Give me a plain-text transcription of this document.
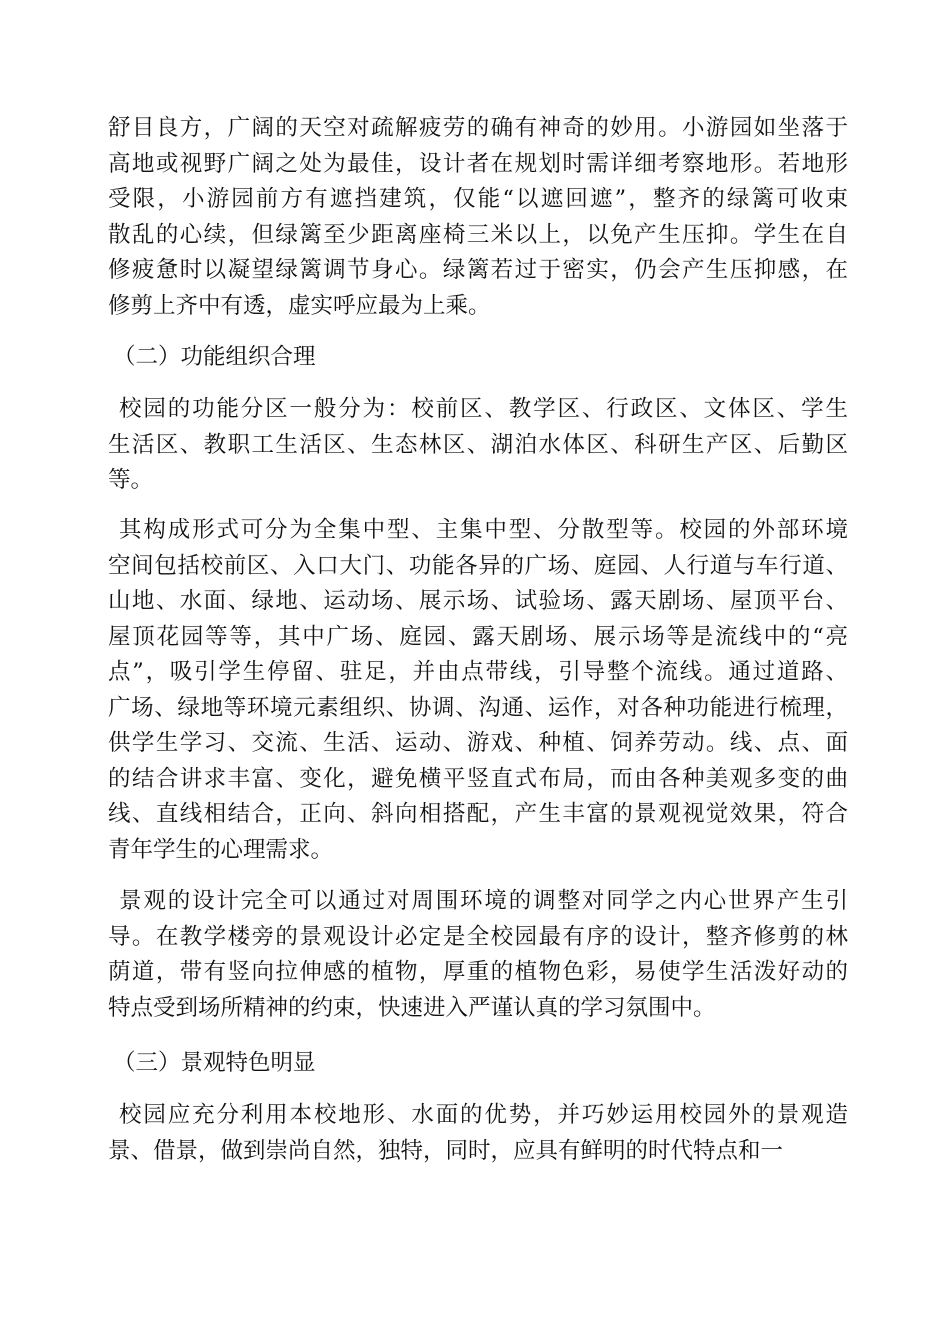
舒目良方，广阔的天空对疏解疲劳的确有神奇的妙用。小游园如坐落于
高地或视野广阔之处为最佳，设计者在规划时需详细考察地形。若地形
受限，小游园前方有遮挡建筑，仅能“以遮回遮”，整齐的绿篱可收束
散乱的心续，但绿篱至少距离座椅三米以上，以免产生压抑。学生在自
修疲惫时以凝望绿篱调节身心。绿篱若过于密实，仍会产生压抑感，在
修剪上齐中有透，虚实呼应最为上乘。
（二）功能组织合理
校园的功能分区一般分为：校前区、教学区、行政区、文体区、学生
生活区、教职工生活区、生态林区、湖泊水体区、科研生产区、后勤区
等。
其构成形式可分为全集中型、主集中型、分散型等。校园的外部环境
空间包括校前区、入口大门、功能各异的广场、庭园、人行道与车行道、
山地、水面、绿地、运动场、展示场、试验场、露天剧场、屋顶平台、
屋顶花园等等，其中广场、庭园、露天剧场、展示场等是流线中的“亮
点”，吸引学生停留、驻足，并由点带线，引导整个流线。通过道路、
广场、绿地等环境元素组织、协调、沟通、运作，对各种功能进行梳理，
供学生学习、交流、生活、运动、游戏、种植、饲养劳动。线、点、面
的结合讲求丰富、变化，避免横平竖直式布局，而由各种美观多变的曲
线、直线相结合，正向、斜向相搭配，产生丰富的景观视觉效果，符合
青年学生的心理需求。
景观的设计完全可以通过对周围环境的调整对同学之内心世界产生引
导。在教学楼旁的景观设计必定是全校园最有序的设计，整齐修剪的林
荫道，带有竖向拉伸感的植物，厚重的植物色彩，易使学生活泼好动的
特点受到场所精神的约束，快速进入严谨认真的学习氛围中。
（三）景观特色明显
校园应充分利用本校地形、水面的优势，并巧妙运用校园外的景观造
景、借景，做到崇尚自然，独特，同时，应具有鲜明的时代特点和一
